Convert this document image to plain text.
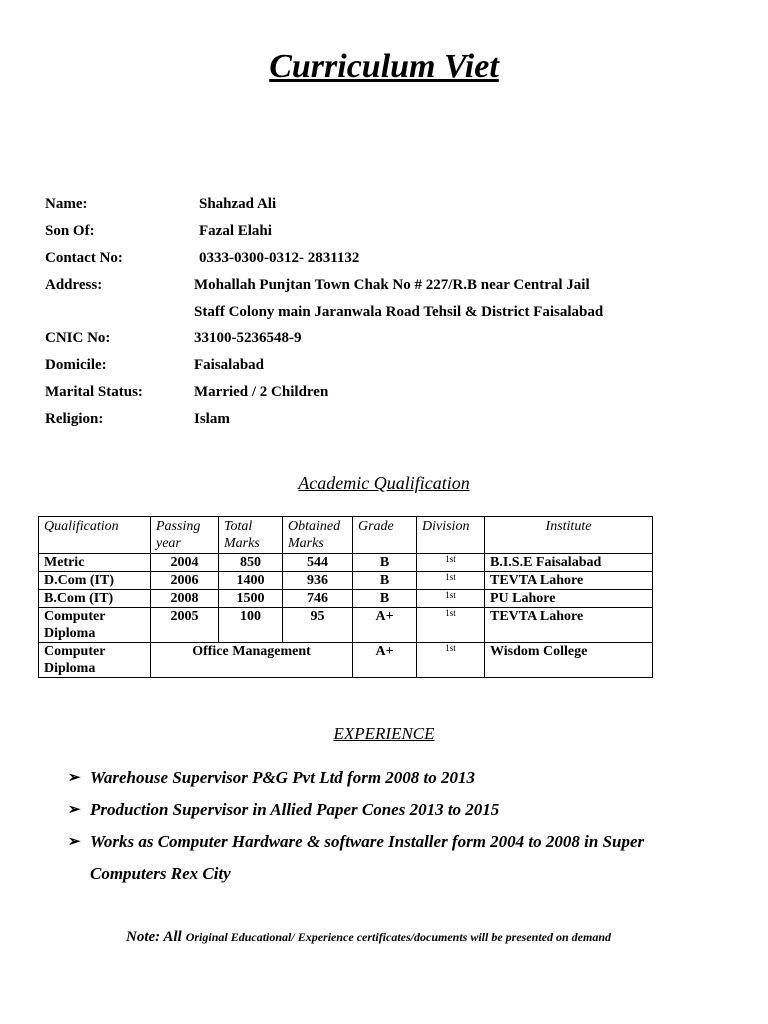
Curriculum Viet
Name:	Shahzad Ali
Son Of:	Fazal Elahi
Contact No:	0333-0300-0312- 2831132
Address:	Mohallah Punjtan Town Chak No # 227/R.B near Central Jail
Staff Colony main Jaranwala Road Tehsil & District Faisalabad
CNIC No:	33100-5236548-9
Domicile:	Faisalabad
Marital Status:	Married / 2 Children
Religion:	Islam
Academic Qualification
Qualification	Passing year	Total Marks	Obtained Marks	Grade	Division	Institute
Metric	2004	850	544	B	$^{1st}$	B.I.S.E Faisalabad
D.Com (IT)	2006	1400	936	B	$^{1st}$	TEVTA Lahore
B.Com (IT)	2008	1500	746	B	$^{1st}$	PU Lahore
Computer Diploma	2005	100	95	A+	$^{1st}$	TEVTA Lahore
Computer Diploma	Office Management			A+	$^{1st}$	Wisdom College
EXPERIENCE
➢ Warehouse Supervisor P&G Pvt Ltd form 2008 to 2013
➢ Production Supervisor in Allied Paper Cones 2013 to 2015
➢ Works as Computer Hardware & software Installer form 2004 to 2008 in Super Computers Rex City
Note: All Original Educational/ Experience certificates/documents will be presented on demand
